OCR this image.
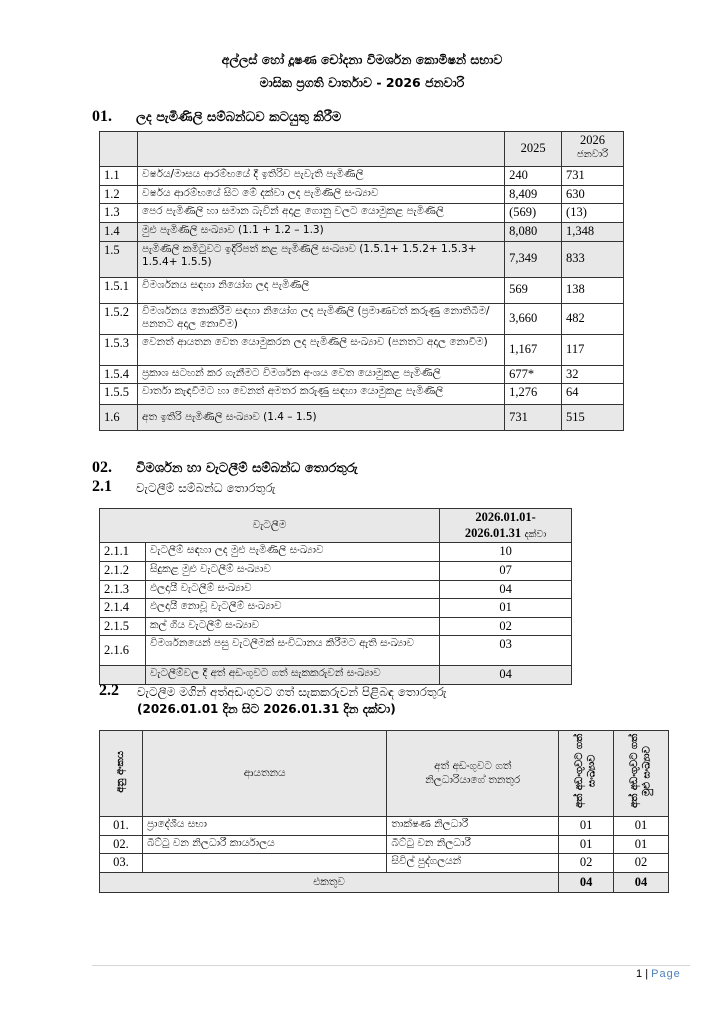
අල්ලස් හෝ දූෂණ චෝදනා විමර්ශන කොමිෂන් සභාව
මාසික ප්‍රගති වාර්තාව - 2026 ජනවාරි
01. ලද පැමිණිලි සම්බන්ධව කටයුතු කිරීම
		2025	2026
ජනවාරි

1.1	වර්ෂය/මාසය ආරම්භයේ දී ඉතිරිව පැවැති පැමිණිලි	240	731
1.2	වර්ෂය ආරම්භයේ සිට මේ දක්වා ලද පැමිණිලි සංඛ්‍යාව	8,409	630
1.3	පෙර පැමිණිලි හා සමාන බැවින් අදාළ ගොනු වලට යොමුකළ පැමිණිලි	(569)	(13)
1.4	මුළු පැමිණිලි සංඛ්‍යාව (1.1 + 1.2 – 1.3)	8,080	1,348
1.5	පැමිණිලි කමිටුවට ඉදිරිපත් කළ පැමිණිලි සංඛ්‍යාව (1.5.1+ 1.5.2+ 1.5.3+ 1.5.4+ 1.5.5)	7,349	833
1.5.1	විමර්ශනය සඳහා නියෝග ලද පැමිණිලි	569	138
1.5.2	විමර්ශනය නොකිරීම සඳහා නියෝග ලද පැමිණිලි (ප්‍රමාණවත් කරුණු නොතිබීම/ පනතට අදාල නොවීම)	3,660	482
1.5.3	වෙනත් ආයතන වෙත යොමුකරන ලද පැමිණිලි සංඛ්‍යාව (පනතට අදාල නොවීම)	1,167	117
1.5.4	ප්‍රකාශ සටහන් කර ගැනීමට විමර්ශන අංශය වෙත යොමුකළ පැමිණිලි	677*	32
1.5.5	වාර්තා කැඳවීමට හා වෙනත් අමතර කරුණු සඳහා යොමුකළ පැමිණිලි	1,276	64
1.6	අත ඉතිරි පැමිණිලි සංඛ්‍යාව (1.4 – 1.5)	731	515
02. විමර්ශන හා වැටලීම් සම්බන්ධ තොරතුරු
2.1 වැටලීම් සම්බන්ධ තොරතුරු
වැටලීම		2026.01.01-
2026.01.31 දක්වා

2.1.1	වැටලීම් සඳහා ලද මුළු පැමිණිලි සංඛ්‍යාව	10
2.1.2	සිදුකළ මුළු වැටලීම් සංඛ්‍යාව	07
2.1.3	ඵලදායී වැටලීම් සංඛ්‍යාව	04
2.1.4	ඵලදායී නොවූ වැටලීම් සංඛ්‍යාව	01
2.1.5	කල් ගිය වැටලීම් සංඛ්‍යාව	02
2.1.6	විමර්ශනයෙන් පසු වැටලීමක් සංවිධානය කිරීමට ඇති සංඛ්‍යාව	03
	වැටලීම්වල දී අත් අඩංගුවට ගත් සැකකරුවන් සංඛ්‍යාව	04
2.2 වැටලීම මගින් අත්අඩංගුවට ගත් සැකකරුවන් පිළිබඳ තොරතුරු
(2026.01.01 දින සිට 2026.01.31 දින දක්වා)
අනු අංකය	ආයතනය	අත් අඩංගුවට ගත්
නිලධාරියාගේ තනතුර	අත් අඩංගුවට ගත් සංඛ්‍යාව	අත් අඩංගුවට ගත් මුළු සංඛ්‍යාව
01.	ප්‍රාදේශීය සභා	තාක්ෂණ නිලධාරී	01	01
02.	බීට්ටු වන නිලධාරී කාර්යාලය	බීට්ටු වන නිලධාරී	01	01
03.		සිවිල් පුද්ගලයන්	02	02
එකතුව			04	04
1 | Page
